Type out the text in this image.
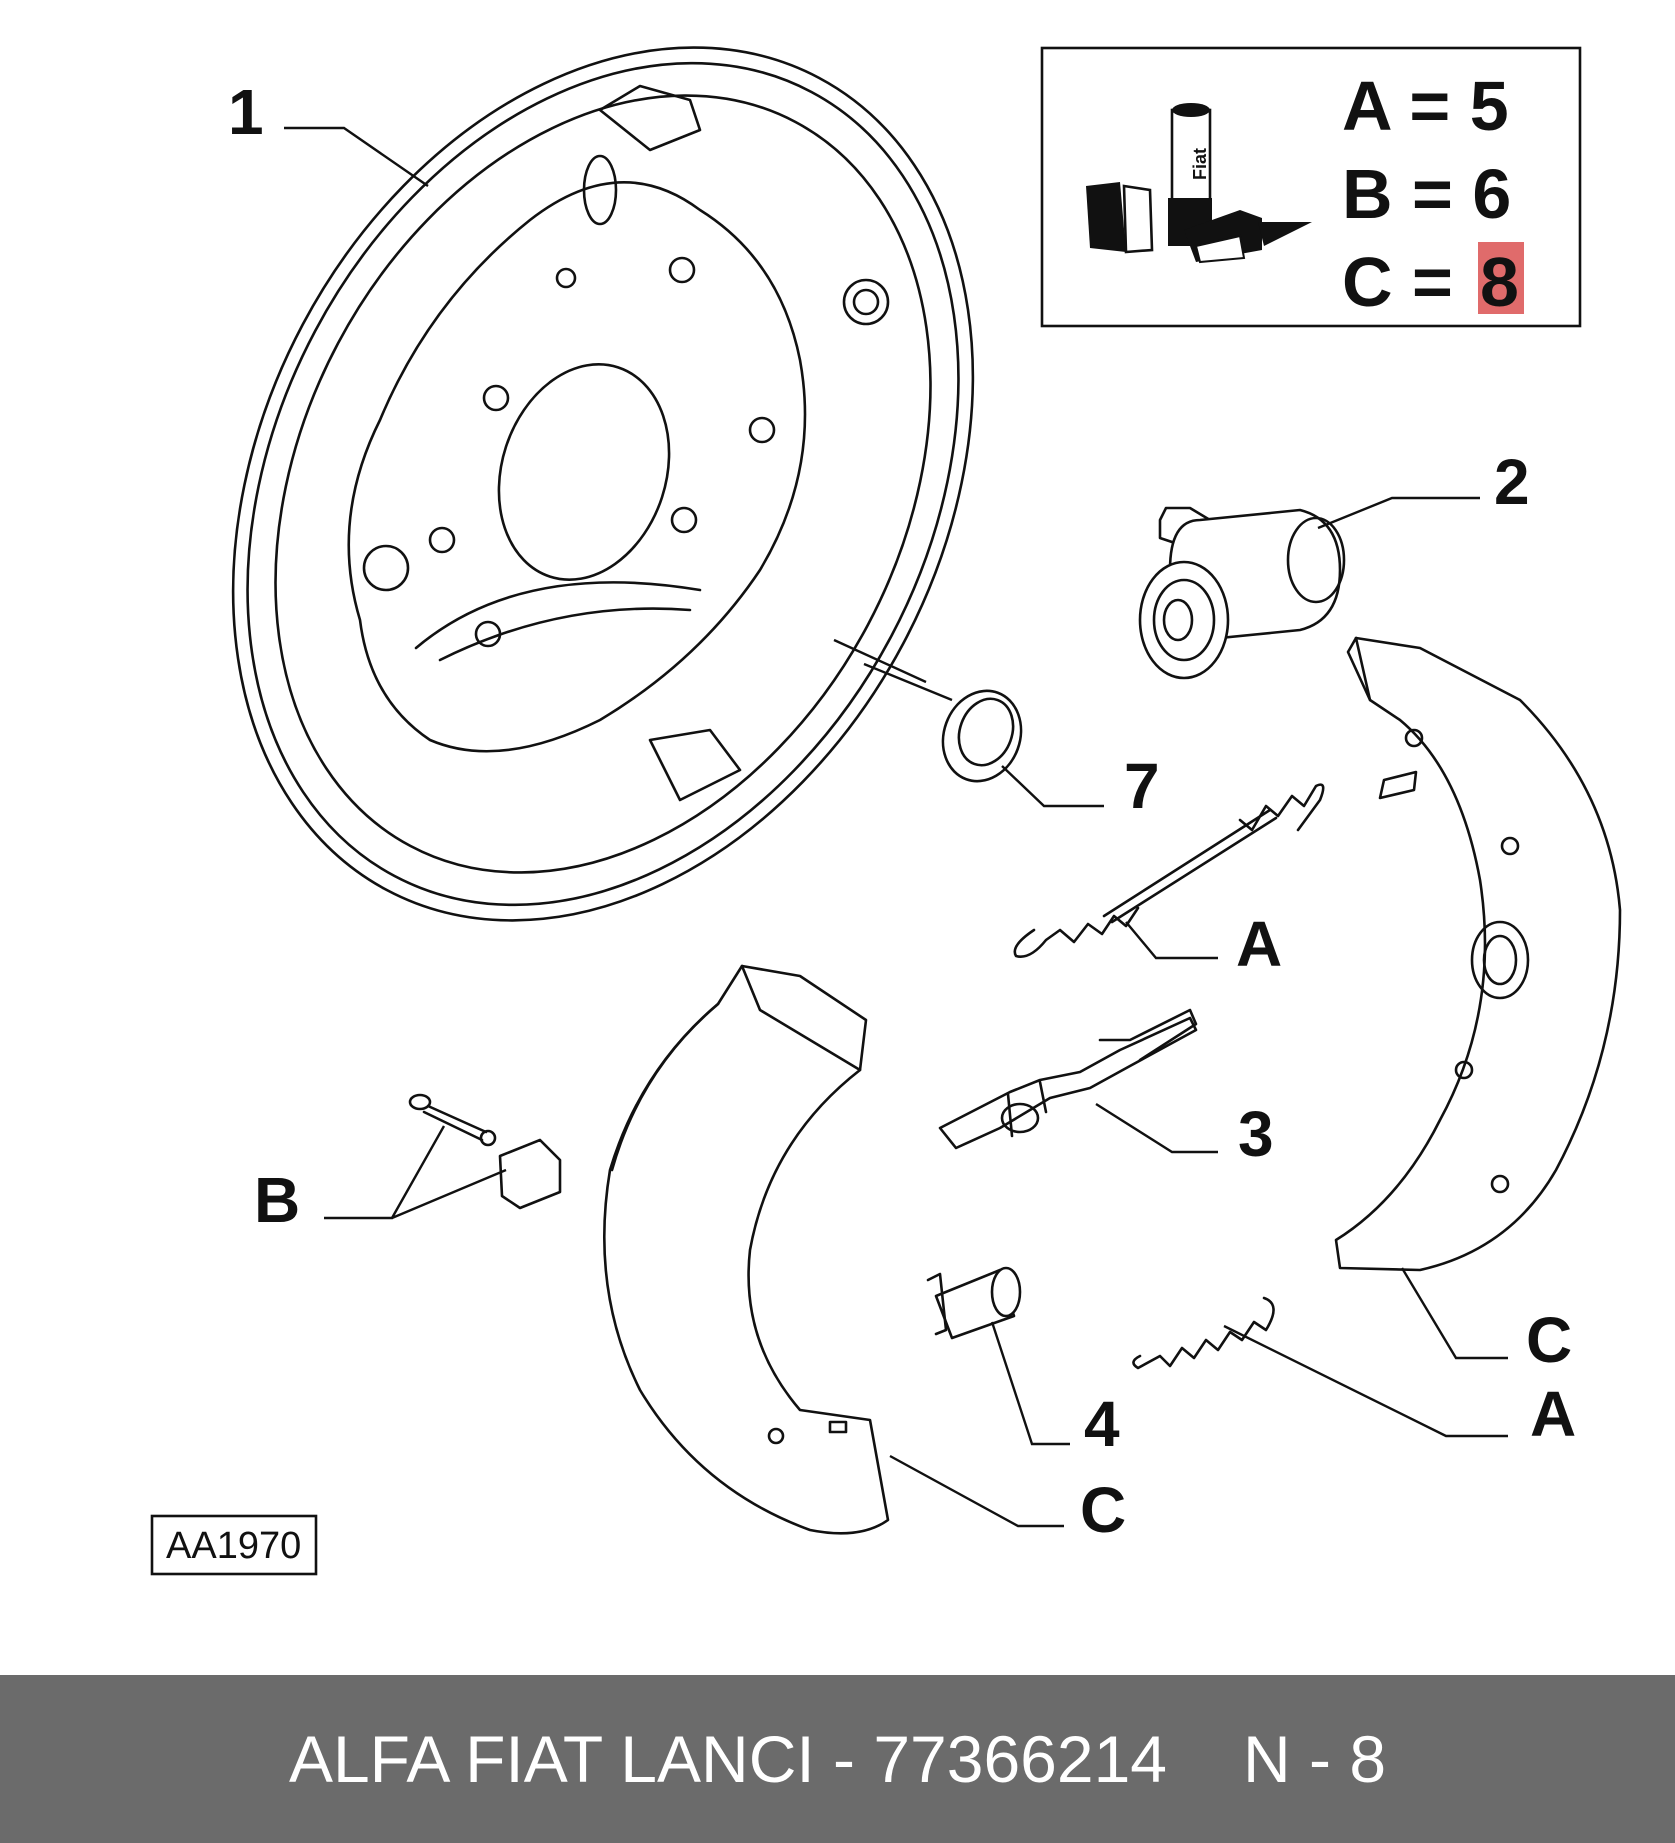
1
Fiat
A = 5
B = 6
C = 8
2
7
A
3
4	A
B
C
C
AA1970
ALFA FIAT LANCI - 77366214 N - 8
